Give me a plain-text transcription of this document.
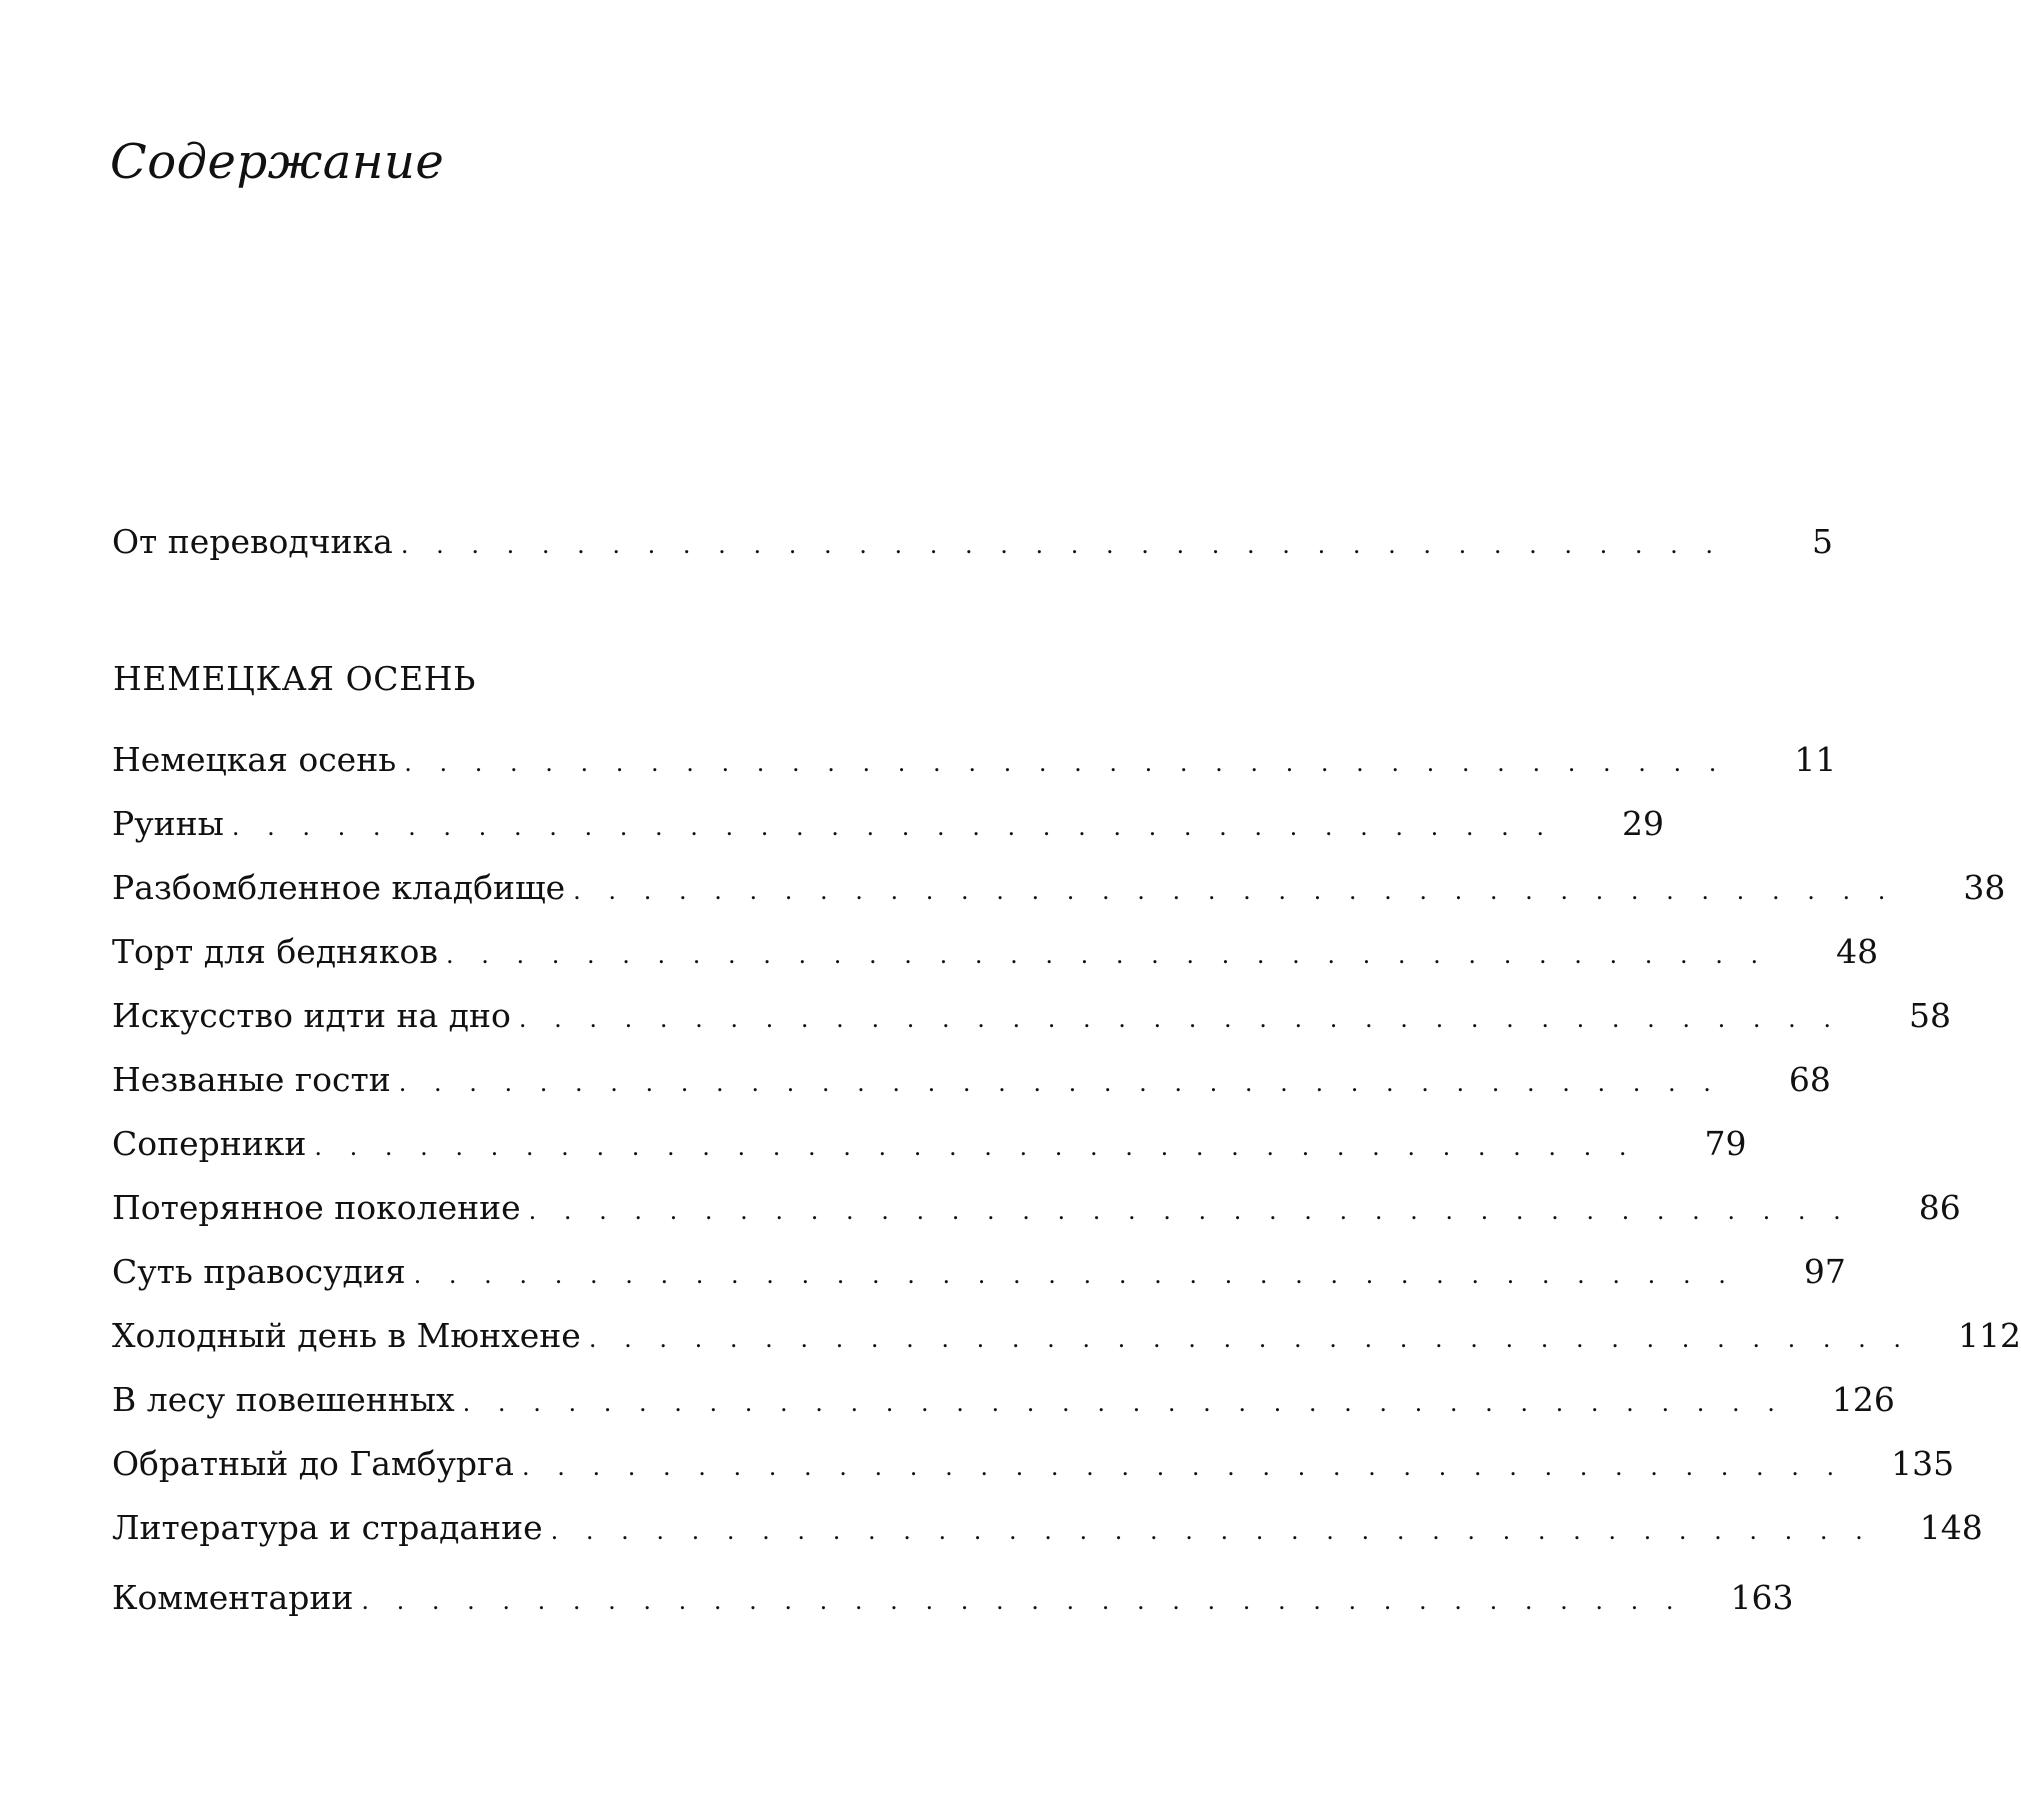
Содержание
От переводчика . . . . . . . . . . . . . . . . . . . . . . . . . . . . . . . . . . . . . .	5
НЕМЕЦКАЯ ОСЕНЬ
Немецкая осень . . . . . . . . . . . . . . . . . . . . . . . . . . . . . . . . . . . . . .	11
Руины . . . . . . . . . . . . . . . . . . . . . . . . . . . . . . . . . . . . . .	29
Разбомбленное кладбище . . . . . . . . . . . . . . . . . . . . . . . . . . . . . . . . . . . . . .	38
Торт для бедняков . . . . . . . . . . . . . . . . . . . . . . . . . . . . . . . . . . . . . .	48
Искусство идти на дно . . . . . . . . . . . . . . . . . . . . . . . . . . . . . . . . . . . . . .	58
Незваные гости . . . . . . . . . . . . . . . . . . . . . . . . . . . . . . . . . . . . . .	68
Соперники . . . . . . . . . . . . . . . . . . . . . . . . . . . . . . . . . . . . . .	79
Потерянное поколение . . . . . . . . . . . . . . . . . . . . . . . . . . . . . . . . . . . . . .	86
Суть правосудия . . . . . . . . . . . . . . . . . . . . . . . . . . . . . . . . . . . . . .	97
Холодный день в Мюнхене . . . . . . . . . . . . . . . . . . . . . . . . . . . . . . . . . . . . . . 112
В лесу повешенных . . . . . . . . . . . . . . . . . . . . . . . . . . . . . . . . . . . . . . 126
Обратный до Гамбурга . . . . . . . . . . . . . . . . . . . . . . . . . . . . . . . . . . . . . . 135
Литература и страдание . . . . . . . . . . . . . . . . . . . . . . . . . . . . . . . . . . . . . . 148
Комментарии . . . . . . . . . . . . . . . . . . . . . . . . . . . . . . . . . . . . . . 163
